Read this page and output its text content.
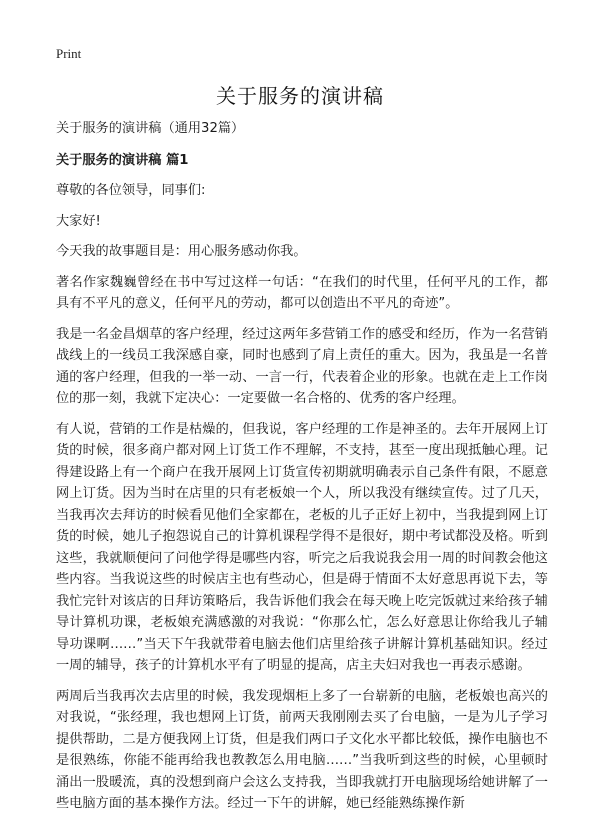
Print
关于服务的演讲稿

关于服务的演讲稿（通用32篇）

关于服务的演讲稿 篇1

尊敬的各位领导，同事们:

大家好!

今天我的故事题目是：用心服务感动你我。

著名作家魏巍曾经在书中写过这样一句话：“在我们的时代里，任何平凡的工作，都具有不平凡的意义，任何平凡的劳动，都可以创造出不平凡的奇迹”。

我是一名金昌烟草的客户经理，经过这两年多营销工作的感受和经历，作为一名营销战线上的一线员工我深感自豪，同时也感到了肩上责任的重大。因为，我虽是一名普通的客户经理，但我的一举一动、一言一行，代表着企业的形象。也就在走上工作岗位的那一刻，我就下定决心：一定要做一名合格的、优秀的客户经理。

有人说，营销的工作是枯燥的，但我说，客户经理的工作是神圣的。去年开展网上订货的时候，很多商户都对网上订货工作不理解，不支持，甚至一度出现抵触心理。记得建设路上有一个商户在我开展网上订货宣传初期就明确表示自己条件有限，不愿意网上订货。因为当时在店里的只有老板娘一个人，所以我没有继续宣传。过了几天，当我再次去拜访的时候看见他们全家都在，老板的儿子正好上初中，当我提到网上订货的时候，她儿子抱怨说自己的计算机课程学得不是很好，期中考试都没及格。听到这些，我就顺便问了问他学得是哪些内容，听完之后我说我会用一周的时间教会他这些内容。当我说这些的时候店主也有些动心，但是碍于情面不太好意思再说下去，等我忙完针对该店的日拜访策略后，我告诉他们我会在每天晚上吃完饭就过来给孩子辅导计算机功课，老板娘充满感激的对我说：“你那么忙，怎么好意思让你给我儿子辅导功课啊……”当天下午我就带着电脑去他们店里给孩子讲解计算机基础知识。经过一周的辅导，孩子的计算机水平有了明显的提高，店主夫妇对我也一再表示感谢。

两周后当我再次去店里的时候，我发现烟柜上多了一台崭新的电脑，老板娘也高兴的对我说，“张经理，我也想网上订货，前两天我刚刚去买了台电脑，一是为儿子学习提供帮助，二是方便我网上订货，但是我们两口子文化水平都比较低，操作电脑也不是很熟练，你能不能再给我也教教怎么用电脑……”当我听到这些的时候，心里顿时涌出一股暖流，真的没想到商户会这么支持我，当即我就打开电脑现场给她讲解了一些电脑方面的基本操作方法。经过一下午的讲解，她已经能熟练操作新
